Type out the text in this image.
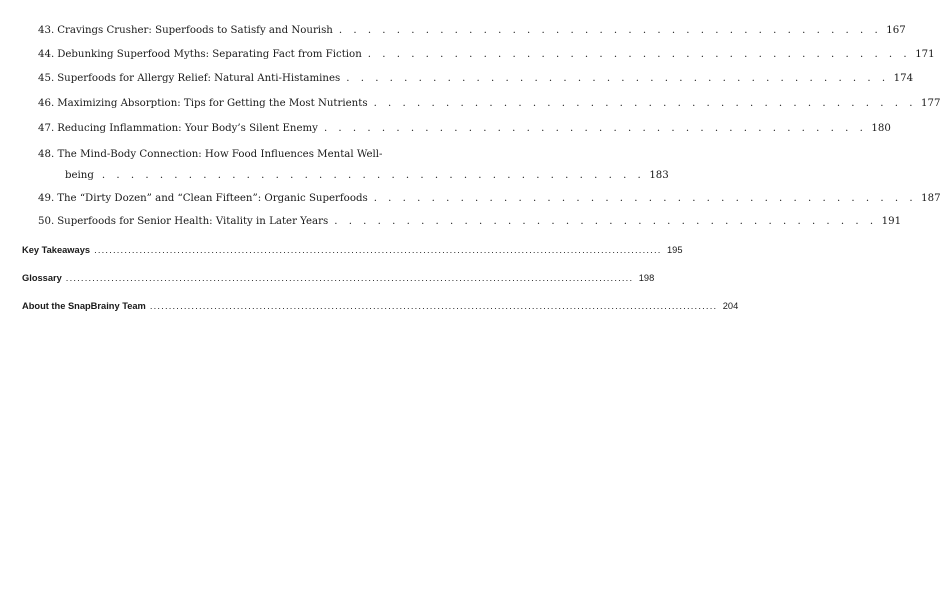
43. Cravings Crusher: Superfoods to Satisfy and Nourish . . . . . . . . . . . . . . . . . . . . . . . . . . . . . . . . . . . . . . 167
44. Debunking Superfood Myths: Separating Fact from Fiction . . . . . . . . . . . . . . . . . . . . . . . . . . . . . . . . . . . . . . 171
45. Superfoods for Allergy Relief: Natural Anti-Histamines . . . . . . . . . . . . . . . . . . . . . . . . . . . . . . . . . . . . . . 174
46. Maximizing Absorption: Tips for Getting the Most Nutrients . . . . . . . . . . . . . . . . . . . . . . . . . . . . . . . . . . . . . . 177
47. Reducing Inflammation: Your Body’s Silent Enemy . . . . . . . . . . . . . . . . . . . . . . . . . . . . . . . . . . . . . . 180
48. The Mind-Body Connection: How Food Influences Mental Well-
being . . . . . . . . . . . . . . . . . . . . . . . . . . . . . . . . . . . . . . 183
49. The “Dirty Dozen” and “Clean Fifteen”: Organic Superfoods . . . . . . . . . . . . . . . . . . . . . . . . . . . . . . . . . . . . . . 187
50. Superfoods for Senior Health: Vitality in Later Years . . . . . . . . . . . . . . . . . . . . . . . . . . . . . . . . . . . . . . 191
Key Takeaways ...................................................................................................................................................... 195
Glossary ...................................................................................................................................................... 198
About the SnapBrainy Team ...................................................................................................................................................... 204
